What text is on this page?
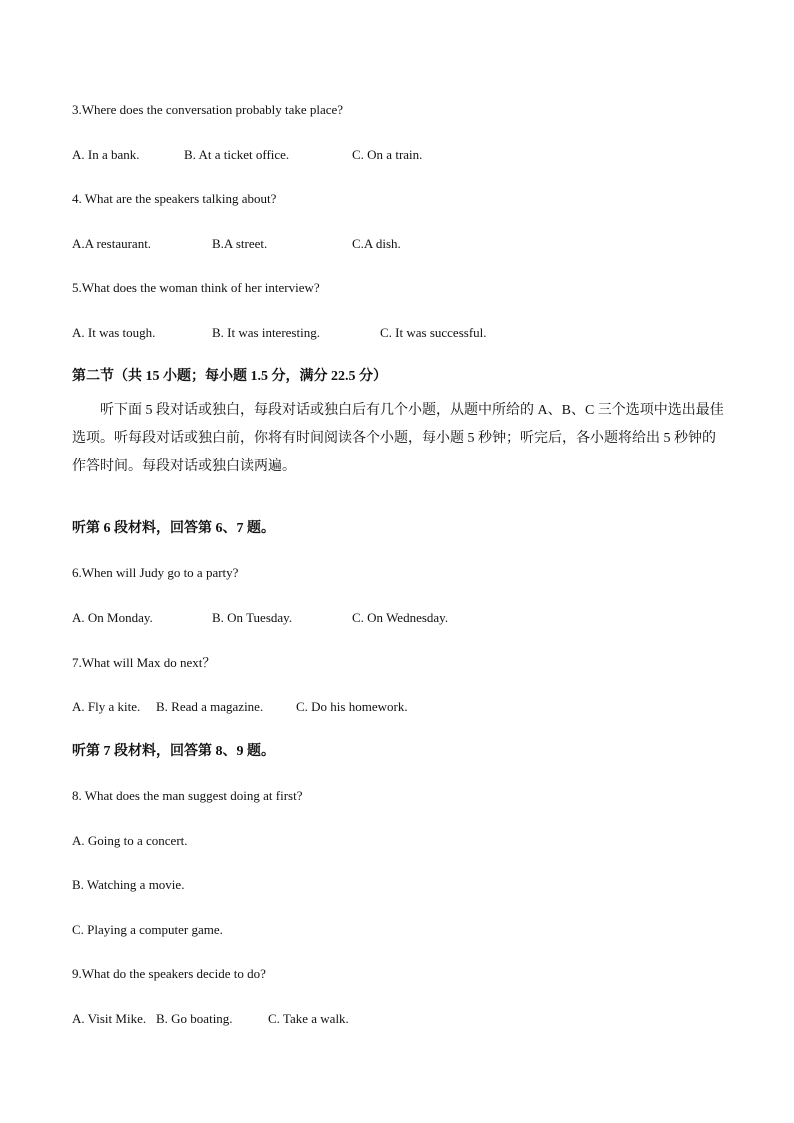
3.Where does the conversation probably take place?
A. In a bank.	B. At a ticket office.	C. On a train.
4. What are the speakers talking about?
A.A restaurant.	B.A street.	C.A dish.
5.What does the woman think of her interview?
A. It was tough.	B. It was interesting.	C. It was successful.
第二节（共 15 小题；每小题 1.5 分，满分 22.5 分）
听下面 5 段对话或独白，每段对话或独白后有几个小题，从题中所给的 A、B、C 三个选项中选出最佳
选项。听每段对话或独白前，你将有时间阅读各个小题，每小题 5 秒钟；听完后，各小题将给出 5 秒钟的
作答时间。每段对话或独白读两遍。
听第 6 段材料，回答第 6、7 题。
6.When will Judy go to a party?
A. On Monday.	B. On Tuesday.	C. On Wednesday.
7.What will Max do next？
A. Fly a kite. B. Read a magazine.	C. Do his homework.
听第 7 段材料，回答第 8、9 题。
8. What does the man suggest doing at first?
A. Going to a concert.
B. Watching a movie.
C. Playing a computer game.
9.What do the speakers decide to do?
A. Visit Mike. B. Go boating.	C. Take a walk.
